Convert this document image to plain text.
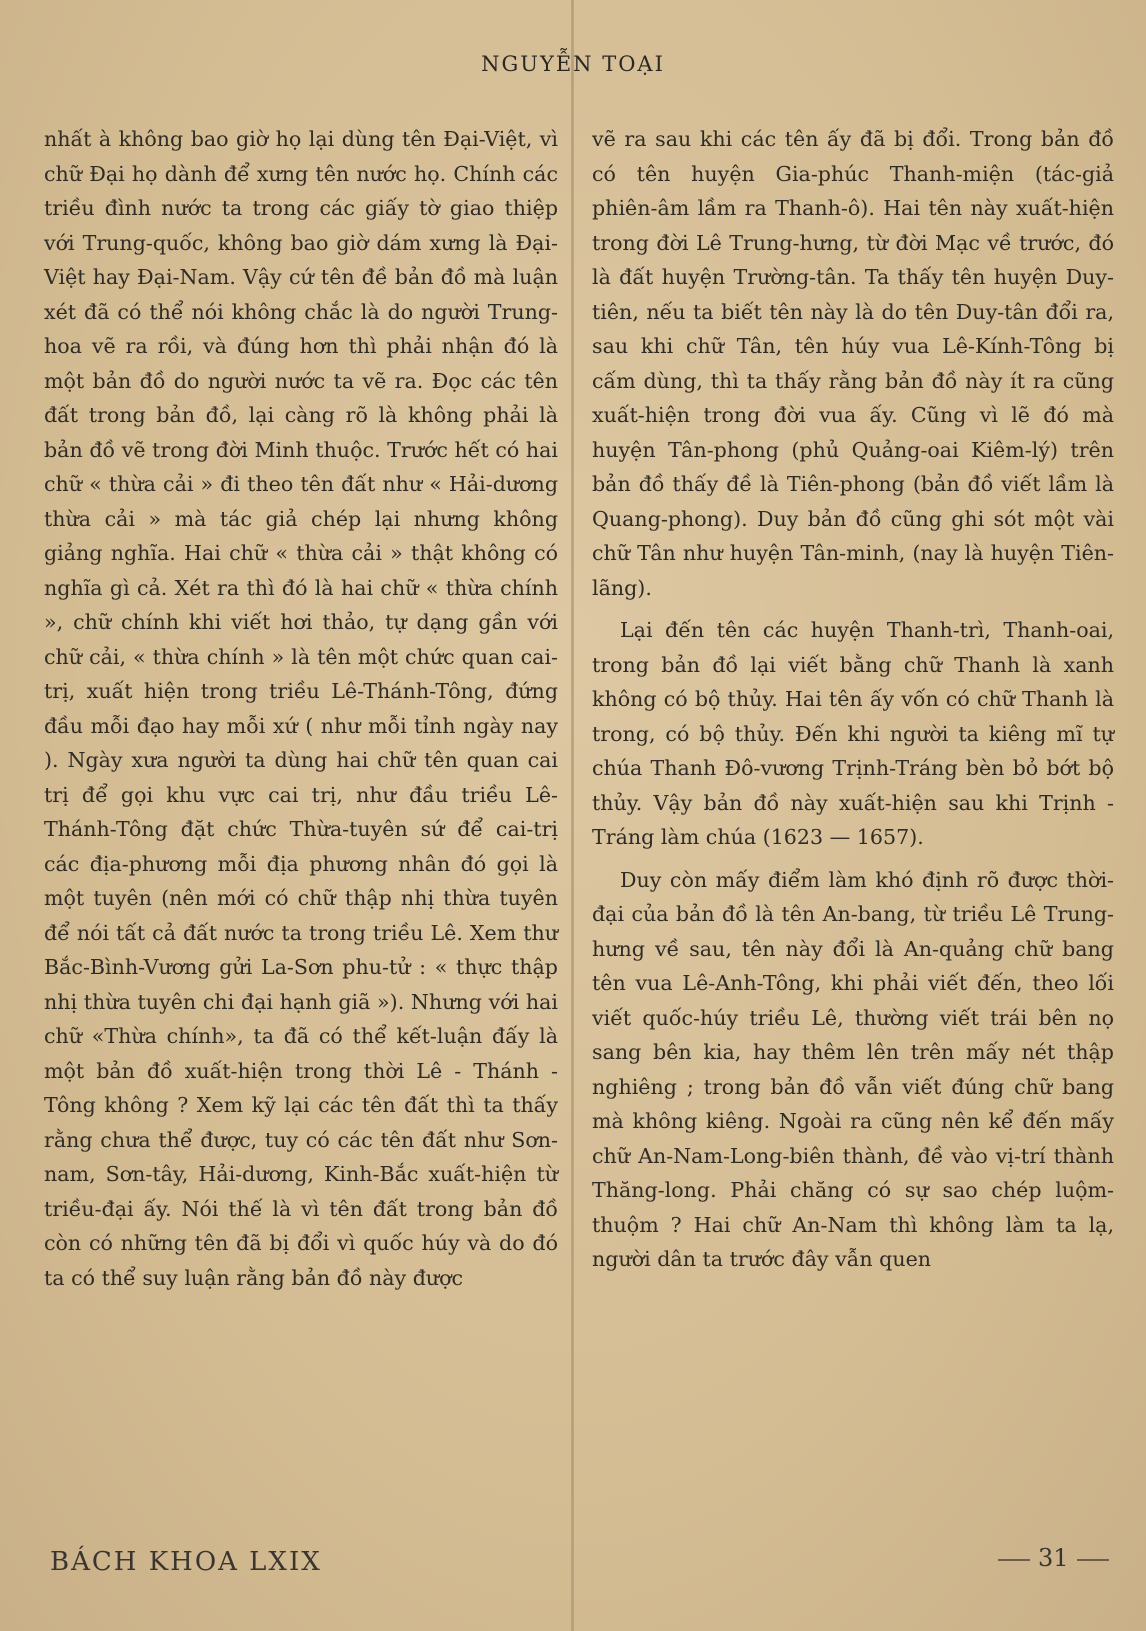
NGUYỄN TOẠI

nhất à không bao giờ họ lại dùng tên Đại-Việt, vì chữ Đại họ dành để xưng tên nước họ. Chính các triều đình nước ta trong các giấy tờ giao thiệp với Trung-quốc, không bao giờ dám xưng là Đại-Việt hay Đại-Nam. Vậy cứ tên đề bản đồ mà luận xét đã có thể nói không chắc là do người Trung-hoa vẽ ra rồi, và đúng hơn thì phải nhận đó là một bản đồ do người nước ta vẽ ra. Đọc các tên đất trong bản đồ, lại càng rõ là không phải là bản đồ vẽ trong đời Minh thuộc. Trước hết có hai chữ « thừa cải » đi theo tên đất như « Hải-dương thừa cải » mà tác giả chép lại nhưng không giảng nghĩa. Hai chữ « thừa cải » thật không có nghĩa gì cả. Xét ra thì đó là hai chữ « thừa chính », chữ chính khi viết hơi thảo, tự dạng gần với chữ cải, « thừa chính » là tên một chức quan cai-trị, xuất hiện trong triều Lê-Thánh-Tông, đứng đầu mỗi đạo hay mỗi xứ ( như mỗi tỉnh ngày nay ). Ngày xưa người ta dùng hai chữ tên quan cai trị để gọi khu vực cai trị, như đầu triều Lê-Thánh-Tông đặt chức Thừa-tuyên sứ để cai-trị các địa-phương mỗi địa phương nhân đó gọi là một tuyên (nên mới có chữ thập nhị thừa tuyên để nói tất cả đất nước ta trong triều Lê. Xem thư Bắc-Bình-Vương gửi La-Sơn phu-tử : « thực thập nhị thừa tuyên chi đại hạnh giã »). Nhưng với hai chữ «Thừa chính», ta đã có thể kết-luận đấy là một bản đồ xuất-hiện trong thời Lê - Thánh - Tông không ? Xem kỹ lại các tên đất thì ta thấy rằng chưa thể được, tuy có các tên đất như Sơn-nam, Sơn-tây, Hải-dương, Kinh-Bắc xuất-hiện từ triều-đại ấy. Nói thế là vì tên đất trong bản đồ còn có những tên đã bị đổi vì quốc húy và do đó ta có thể suy luận rằng bản đồ này được

vẽ ra sau khi các tên ấy đã bị đổi. Trong bản đồ có tên huyện Gia-phúc Thanh-miện (tác-giả phiên-âm lầm ra Thanh-ô). Hai tên này xuất-hiện trong đời Lê Trung-hưng, từ đời Mạc về trước, đó là đất huyện Trường-tân. Ta thấy tên huyện Duy-tiên, nếu ta biết tên này là do tên Duy-tân đổi ra, sau khi chữ Tân, tên húy vua Lê-Kính-Tông bị cấm dùng, thì ta thấy rằng bản đồ này ít ra cũng xuất-hiện trong đời vua ấy. Cũng vì lẽ đó mà huyện Tân-phong (phủ Quảng-oai Kiêm-lý) trên bản đồ thấy đề là Tiên-phong (bản đồ viết lầm là Quang-phong). Duy bản đồ cũng ghi sót một vài chữ Tân như huyện Tân-minh, (nay là huyện Tiên-lãng).

Lại đến tên các huyện Thanh-trì, Thanh-oai, trong bản đồ lại viết bằng chữ Thanh là xanh không có bộ thủy. Hai tên ấy vốn có chữ Thanh là trong, có bộ thủy. Đến khi người ta kiêng mĩ tự chúa Thanh Đô-vương Trịnh-Tráng bèn bỏ bớt bộ thủy. Vậy bản đồ này xuất-hiện sau khi Trịnh - Tráng làm chúa (1623 — 1657).

Duy còn mấy điểm làm khó định rõ được thời-đại của bản đồ là tên An-bang, từ triều Lê Trung-hưng về sau, tên này đổi là An-quảng chữ bang tên vua Lê-Anh-Tông, khi phải viết đến, theo lối viết quốc-húy triều Lê, thường viết trái bên nọ sang bên kia, hay thêm lên trên mấy nét thập nghiêng ; trong bản đồ vẫn viết đúng chữ bang mà không kiêng. Ngoài ra cũng nên kể đến mấy chữ An-Nam-Long-biên thành, đề vào vị-trí thành Thăng-long. Phải chăng có sự sao chép luộm-thuộm ? Hai chữ An-Nam thì không làm ta lạ, người dân ta trước đây vẫn quen

BÁCH KHOA LXIX	31
